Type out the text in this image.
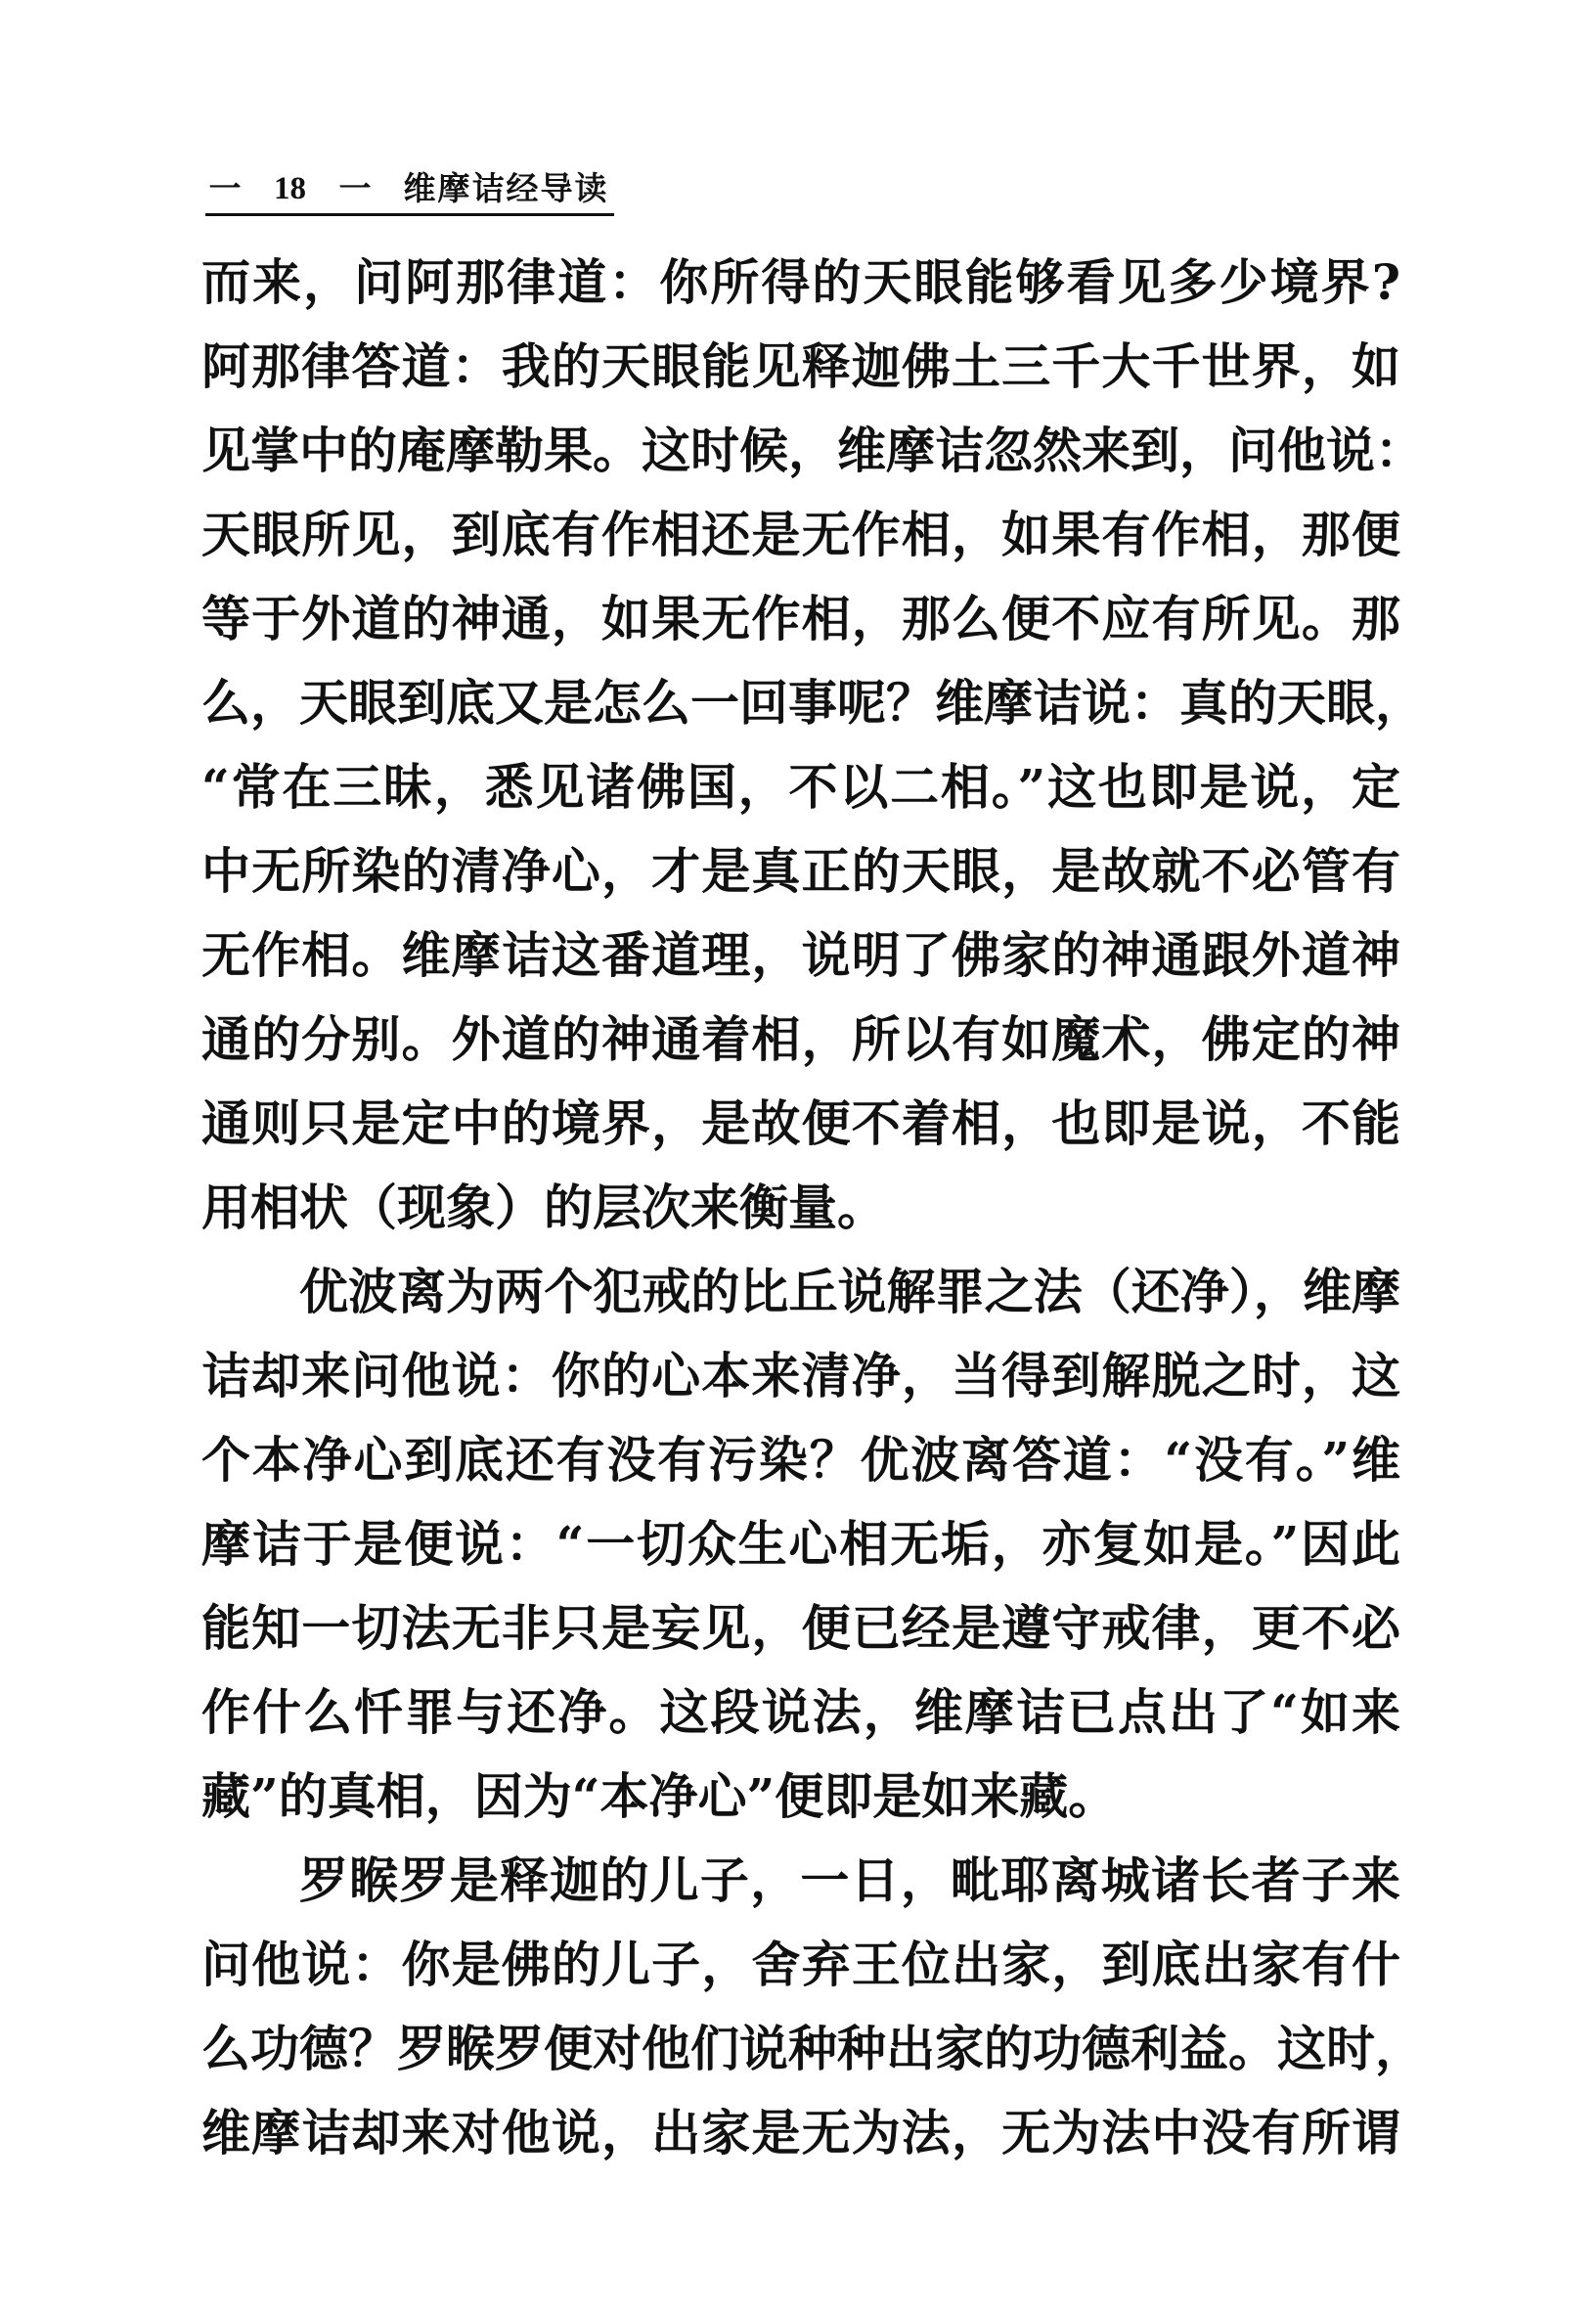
一 18 一 维摩诘经导读
而来，问阿那律道：你所得的天眼能够看见多少境界?
阿那律答道：我的天眼能见释迦佛土三千大千世界，如
见掌中的庵摩勒果。这时候，维摩诘忽然来到，问他说：
天眼所见，到底有作相还是无作相，如果有作相，那便
等于外道的神通，如果无作相，那么便不应有所见。那
么，天眼到底又是怎么一回事呢？维摩诘说：真的天眼，
“常在三昧，悉见诸佛国，不以二相。”这也即是说，定
中无所染的清净心，才是真正的天眼，是故就不必管有
无作相。维摩诘这番道理，说明了佛家的神通跟外道神
通的分别。外道的神通着相，所以有如魔术，佛定的神
通则只是定中的境界，是故便不着相，也即是说，不能
用相状（现象）的层次来衡量。
优波离为两个犯戒的比丘说解罪之法（还净），维摩
诘却来问他说：你的心本来清净，当得到解脱之时，这
个本净心到底还有没有污染？优波离答道：“没有。”维
摩诘于是便说：“一切众生心相无垢，亦复如是。”因此
能知一切法无非只是妄见，便已经是遵守戒律，更不必
作什么忏罪与还净。这段说法，维摩诘已点出了“如来
藏”的真相，因为“本净心”便即是如来藏。
罗睺罗是释迦的儿子，一日，毗耶离城诸长者子来
问他说：你是佛的儿子，舍弃王位出家，到底出家有什
么功德？罗睺罗便对他们说种种出家的功德利益。这时，
维摩诘却来对他说，出家是无为法，无为法中没有所谓
